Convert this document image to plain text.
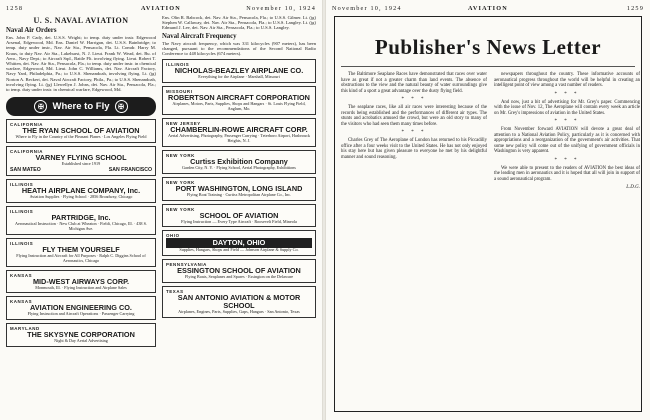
1258	AVIATION	November 10, 1924
U. S. NAVAL AVIATION
Naval Air Orders

Ens. John P. Cady, det. U.S.S. Wright; to temp. duty under instr. Edgewood Arsenal, Edgewood, Md. Ens. Daniel W. Harrigan, det. U.S.S. Bainbridge; to temp. duty under instr., Nav. Air Sta., Pensacola, Fla. Lt. Comdr. Harry M. Kraus, to duty Nav. Air Sta., Lakehurst, N. J. Lieut. Frank W. Wead, det. Bu. of Aero., Navy Dept.; to Aircraft Sqd., Battle Flt. involving flying. Lieut. Robert T. Whitten, det. Nav. Air Sta., Pensacola, Fla.; to temp. duty under instr. in chemical warfare, Edgewood, Md. Lieut. John C. Williams, det. Nav. Aircraft Factory, Navy Yard, Philadelphia, Pa.; to U.S.S. Shenandoah, involving flying. Lt. (jg) Norton A. Beckert, det. Naval Aircraft Factory, Phila., Pa.; to U.S.S. Shenandoah, involving flying. Lt. (jg) Llewellyn J. Johns, det. Nav. Air Sta., Pensacola, Fla.; to temp. duty under instr. in chemical warfare, Edgewood, Md.

✠ Where to Fly	✠
CALIFORNIA
THE RYAN SCHOOL OF AVIATION
Where to Fly in the Country of the Pleasant Planes · Los Angeles Flying Field
CALIFORNIA
VARNEY FLYING SCHOOL
Established since 1919
SAN MATEO	SAN FRANCISCO
ILLINOIS
HEATH AIRPLANE COMPANY, Inc.
Aviation Supplies · Flying School · 2856 Broadway, Chicago
ILLINOIS
PARTRIDGE, Inc.
Aeronautical Instruction · New Club at Wheaton · Fieldi, Chicago, Ill. · 438 S. Michigan Ave.
ILLINOIS
FLY THEM YOURSELF
Flying Instruction and Aircraft for All Purposes · Ralph C. Diggins School of Aeronautics, Chicago
KANSAS
MID-WEST AIRWAYS CORP.
Monmouth, Ill. · Flying Instruction and Airplane Sales
KANSAS
AVIATION ENGINEERING CO.
Flying Instruction and Aircraft Operations · Passenger Carrying
MARYLAND
THE SKYSYNE CORPORATION
Night & Day Aerial Advertising

Ens. Olin R. Babcock, det. Nav. Air Sta., Pensacola, Fla.; to U.S.S. Gilmer. Lt. (jg) Stephen W. Callaway, det. Nav. Air Sta., Pensacola, Fla.; to U.S.S. Langley. Lt. (jg) Edmund J. Lee, det. Nav. Air Sta., Pensacola, Fla.; to U.S.S. Langley.

Naval Aircraft Frequency

The Navy aircraft frequency, which was 331 kilocycles (907 meters), has been changed, pursuant to the recommendations of the Second National Radio Conference to 448 kilocycles (674 meters).

ILLINOIS
NICHOLAS-BEAZLEY AIRPLANE CO.
Everything for the Airplane · Marshall, Missouri
MISSOURI
ROBERTSON AIRCRAFT CORPORATION
Airplanes, Motors, Parts, Supplies, Shops and Hangars · St. Louis Flying Field, Anglum, Mo.
NEW JERSEY
CHAMBERLIN-ROWE AIRCRAFT CORP.
Aerial Advertising, Photography, Passenger Carrying · Teterboro Airport, Hasbrouck Heights, N. J.
NEW YORK
Curtiss Exhibition Company
Garden City, N. Y. · Flying School, Aerial Photography, Exhibitions
NEW YORK
PORT WASHINGTON, LONG ISLAND
Flying Boat Training · Curtiss Metropolitan Airplane Co., Inc.
NEW YORK
SCHOOL OF AVIATION
Flying Instruction — Every Type Aircraft · Roosevelt Field, Mineola
OHIO
DAYTON, OHIO
Supplies, Hangars, Shops and Field — Johnson Airplane & Supply Co.
PENNSYLVANIA
ESSINGTON SCHOOL OF AVIATION
Flying Boats, Seaplanes and Spares · Essington on the Delaware
TEXAS
SAN ANTONIO AVIATION & MOTOR SCHOOL
Airplanes, Engines, Parts, Supplies, Gaps, Hangars · San Antonio, Texas
November 10, 1924	AVIATION	1259
Publisher's News Letter

The Baltimore Seaplane Races have demonstrated that races over water have as great if not a greater charm than land events. The absence of obstructions to the view and the natural beauty of water surroundings give this kind of a sport a great advantage over the dusty flying field.

* * *

The seaplane races, like all air races were interesting because of the records being established and the performances of different air types. The stunts and acrobatics amused the crowd, but were an old story to many of the visitors who had seen them many times before.

* * *

Charles Grey of The Aeroplane of London has returned to his Piccadilly office after a four weeks visit to the United States. He has not only enjoyed his stay here but has given pleasure to everyone he met by his delightful manner and sound reasoning.

newspapers throughout the country. These informative accounts of aeronautical progress throughout the world will be helpful in creating an intelligent point of view among a vast number of readers.

* * *

And now, just a bit of advertising for Mr. Grey's paper. Commencing with the issue of Nov. 12, The Aeroplane will contain every week an article on Mr. Grey's impressions of aviation in the United States.

* * *

From November forward AVIATION will devote a great deal of attention to a National Aviation Policy, particularly as it is concerned with appropriations and a reorganization of the government's air activities. That some new policy will come out of the unifying of government officials in Washington is very apparent.

* * *

We were able to present to the readers of AVIATION the best ideas of the leading men in aeronautics and it is hoped that all will join in support of a sound aeronautical program.

L.D.G.
